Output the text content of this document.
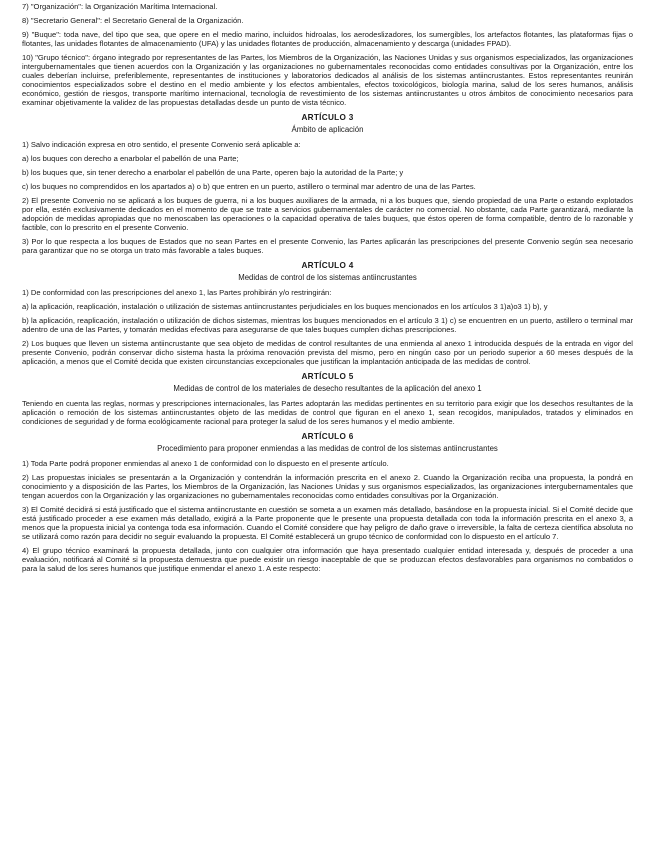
7) "Organización": la Organización Marítima Internacional.

8) "Secretario General": el Secretario General de la Organización.

9) "Buque": toda nave, del tipo que sea, que opere en el medio marino, incluidos hidroalas, los aerodeslizadores, los sumergibles, los artefactos flotantes, las plataformas fijas o flotantes, las unidades flotantes de almacenamiento (UFA) y las unidades flotantes de producción, almacenamiento y descarga (unidades FPAD).

10) "Grupo técnico": órgano integrado por representantes de las Partes, los Miembros de la Organización, las Naciones Unidas y sus organismos especializados, las organizaciones intergubernamentales que tienen acuerdos con la Organización y las organizaciones no gubernamentales reconocidas como entidades consultivas por la Organización, entre los cuales deberían incluirse, preferiblemente, representantes de instituciones y laboratorios dedicados al análisis de los sistemas antiincrustantes. Estos representantes reunirán conocimientos especializados sobre el destino en el medio ambiente y los efectos ambientales, efectos toxicológicos, biología marina, salud de los seres humanos, análisis económico, gestión de riesgos, transporte marítimo internacional, tecnología de revestimiento de los sistemas antiincrustantes u otros ámbitos de conocimiento necesarios para examinar objetivamente la validez de las propuestas detalladas desde un punto de vista técnico.

ARTÍCULO 3
Ámbito de aplicación

1) Salvo indicación expresa en otro sentido, el presente Convenio será aplicable a:

a) los buques con derecho a enarbolar el pabellón de una Parte;

b) los buques que, sin tener derecho a enarbolar el pabellón de una Parte, operen bajo la autoridad de la Parte; y

c) los buques no comprendidos en los apartados a) o b) que entren en un puerto, astillero o terminal mar adentro de una de las Partes.

2) El presente Convenio no se aplicará a los buques de guerra, ni a los buques auxiliares de la armada, ni a los buques que, siendo propiedad de una Parte o estando explotados por ella, estén exclusivamente dedicados en el momento de que se trate a servicios gubernamentales de carácter no comercial. No obstante, cada Parte garantizará, mediante la adopción de medidas apropiadas que no menoscaben las operaciones o la capacidad operativa de tales buques, que éstos operen de forma compatible, dentro de lo razonable y factible, con lo prescrito en el presente Convenio.

3) Por lo que respecta a los buques de Estados que no sean Partes en el presente Convenio, las Partes aplicarán las prescripciones del presente Convenio según sea necesario para garantizar que no se otorga un trato más favorable a tales buques.

ARTÍCULO 4
Medidas de control de los sistemas antiincrustantes

1) De conformidad con las prescripciones del anexo 1, las Partes prohibirán y/o restringirán:

a) la aplicación, reaplicación, instalación o utilización de sistemas antiincrustantes perjudiciales en los buques mencionados en los artículos 3 1)a)o3 1) b), y

b) la aplicación, reaplicación, instalación o utilización de dichos sistemas, mientras los buques mencionados en el artículo 3 1) c) se encuentren en un puerto, astillero o terminal mar adentro de una de las Partes, y tomarán medidas efectivas para asegurarse de que tales buques cumplen dichas prescripciones.

2) Los buques que lleven un sistema antiincrustante que sea objeto de medidas de control resultantes de una enmienda al anexo 1 introducida después de la entrada en vigor del presente Convenio, podrán conservar dicho sistema hasta la próxima renovación prevista del mismo, pero en ningún caso por un periodo superior a 60 meses después de la aplicación, a menos que el Comité decida que existen circunstancias excepcionales que justifican la implantación anticipada de las medidas de control.

ARTÍCULO 5
Medidas de control de los materiales de desecho resultantes de la aplicación del anexo 1

Teniendo en cuenta las reglas, normas y prescripciones internacionales, las Partes adoptarán las medidas pertinentes en su territorio para exigir que los desechos resultantes de la aplicación o remoción de los sistemas antiincrustantes objeto de las medidas de control que figuran en el anexo 1, sean recogidos, manipulados, tratados y eliminados en condiciones de seguridad y de forma ecológicamente racional para proteger la salud de los seres humanos y el medio ambiente.

ARTÍCULO 6
Procedimiento para proponer enmiendas a las medidas de control de los sistemas antiincrustantes

1) Toda Parte podrá proponer enmiendas al anexo 1 de conformidad con lo dispuesto en el presente artículo.

2) Las propuestas iniciales se presentarán a la Organización y contendrán la información prescrita en el anexo 2. Cuando la Organización reciba una propuesta, la pondrá en conocimiento y a disposición de las Partes, los Miembros de la Organización, las Naciones Unidas y sus organismos especializados, las organizaciones intergubernamentales que tengan acuerdos con la Organización y las organizaciones no gubernamentales reconocidas como entidades consultivas por la Organización.

3) El Comité decidirá si está justificado que el sistema antiincrustante en cuestión se someta a un examen más detallado, basándose en la propuesta inicial. Si el Comité decide que está justificado proceder a ese examen más detallado, exigirá a la Parte proponente que le presente una propuesta detallada con toda la información prescrita en el anexo 3, a menos que la propuesta inicial ya contenga toda esa información. Cuando el Comité considere que hay peligro de daño grave o irreversible, la falta de certeza científica absoluta no se utilizará como razón para decidir no seguir evaluando la propuesta. El Comité establecerá un grupo técnico de conformidad con lo dispuesto en el artículo 7.

4) El grupo técnico examinará la propuesta detallada, junto con cualquier otra información que haya presentado cualquier entidad interesada y, después de proceder a una evaluación, notificará al Comité si la propuesta demuestra que puede existir un riesgo inaceptable de que se produzcan efectos desfavorables para organismos no combatidos o para la salud de los seres humanos que justifique enmendar el anexo 1. A este respecto:
